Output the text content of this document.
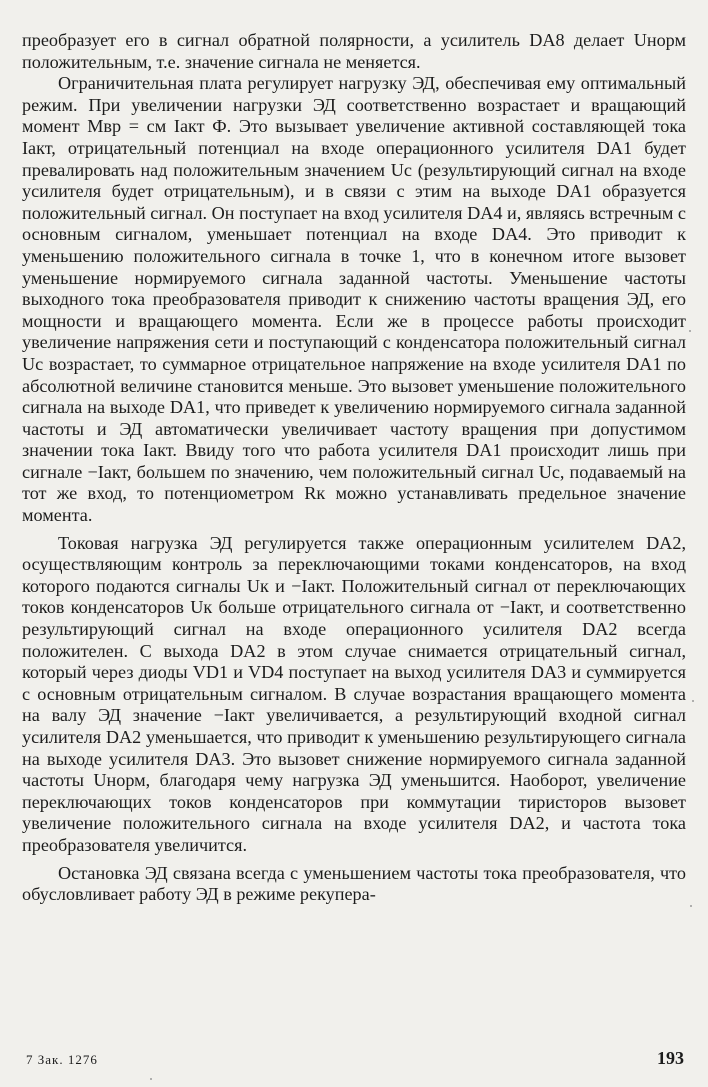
преобразует его в сигнал обратной полярности, а усилитель DA8 делает Uнорм положительным, т.е. значение сигнала не меняется.

Ограничительная плата регулирует нагрузку ЭД, обеспечивая ему оптимальный режим. При увеличении нагрузки ЭД соответственно возрастает и вращающий момент Mвр = cм Iакт Ф. Это вызывает увеличение активной составляющей тока Iакт, отрицательный потенциал на входе операционного усилителя DA1 будет превалировать над положительным значением Uс (результирующий сигнал на входе усилителя будет отрицательным), и в связи с этим на выходе DA1 образуется положительный сигнал. Он поступает на вход усилителя DA4 и, являясь встречным с основным сигналом, уменьшает потенциал на входе DA4. Это приводит к уменьшению положительного сигнала в точке 1, что в конечном итоге вызовет уменьшение нормируемого сигнала заданной частоты. Уменьшение частоты выходного тока преобразователя приводит к снижению частоты вращения ЭД, его мощности и вращающего момента. Если же в процессе работы происходит увеличение напряжения сети и поступающий с конденсатора положительный сигнал Uс возрастает, то суммарное отрицательное напряжение на входе усилителя DA1 по абсолютной величине становится меньше. Это вызовет уменьшение положительного сигнала на выходе DA1, что приведет к увеличению нормируемого сигнала заданной частоты и ЭД автоматически увеличивает частоту вращения при допустимом значении тока Iакт. Ввиду того что работа усилителя DA1 происходит лишь при сигнале −Iакт, большем по значению, чем положительный сигнал Uс, подаваемый на тот же вход, то потенциометром Rк можно устанавливать предельное значение момента.

Токовая нагрузка ЭД регулируется также операционным усилителем DA2, осуществляющим контроль за переключающими токами конденсаторов, на вход которого подаются сигналы Uк и −Iакт. Положительный сигнал от переключающих токов конденсаторов Uк больше отрицательного сигнала от −Iакт, и соответственно результирующий сигнал на входе операционного усилителя DA2 всегда положителен. С выхода DA2 в этом случае снимается отрицательный сигнал, который через диоды VD1 и VD4 поступает на выход усилителя DA3 и суммируется с основным отрицательным сигналом. В случае возрастания вращающего момента на валу ЭД значение −Iакт увеличивается, а результирующий входной сигнал усилителя DA2 уменьшается, что приводит к уменьшению результирующего сигнала на выходе усилителя DA3. Это вызовет снижение нормируемого сигнала заданной частоты Uнорм, благодаря чему нагрузка ЭД уменьшится. Наоборот, увеличение переключающих токов конденсаторов при коммутации тиристоров вызовет увеличение положительного сигнала на входе усилителя DA2, и частота тока преобразователя увеличится.

Остановка ЭД связана всегда с уменьшением частоты тока преобразователя, что обусловливает работу ЭД в режиме рекупера-

7 Зак. 1276	193
